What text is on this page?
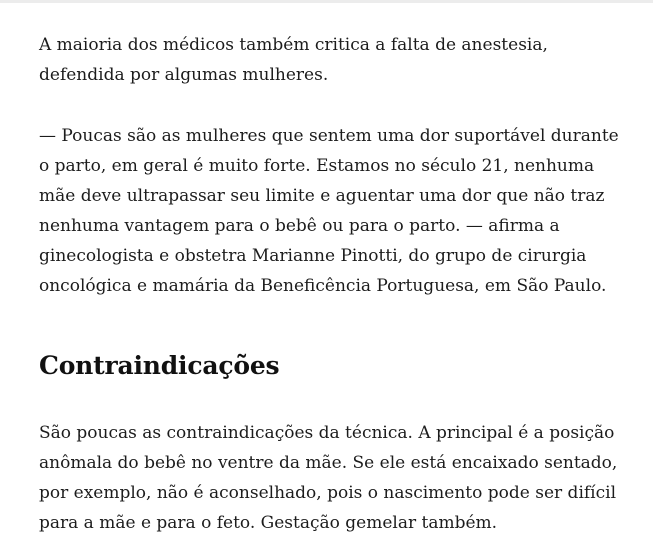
A maioria dos médicos também critica a falta de anestesia, defendida por algumas mulheres.

— Poucas são as mulheres que sentem uma dor suportável durante o parto, em geral é muito forte. Estamos no século 21, nenhuma mãe deve ultrapassar seu limite e aguentar uma dor que não traz nenhuma vantagem para o bebê ou para o parto. — afirma a ginecologista e obstetra Marianne Pinotti, do grupo de cirurgia oncológica e mamária da Beneficência Portuguesa, em São Paulo.

Contraindicações

São poucas as contraindicações da técnica. A principal é a posição anômala do bebê no ventre da mãe. Se ele está encaixado sentado, por exemplo, não é aconselhado, pois o nascimento pode ser difícil para a mãe e para o feto. Gestação gemelar também.
